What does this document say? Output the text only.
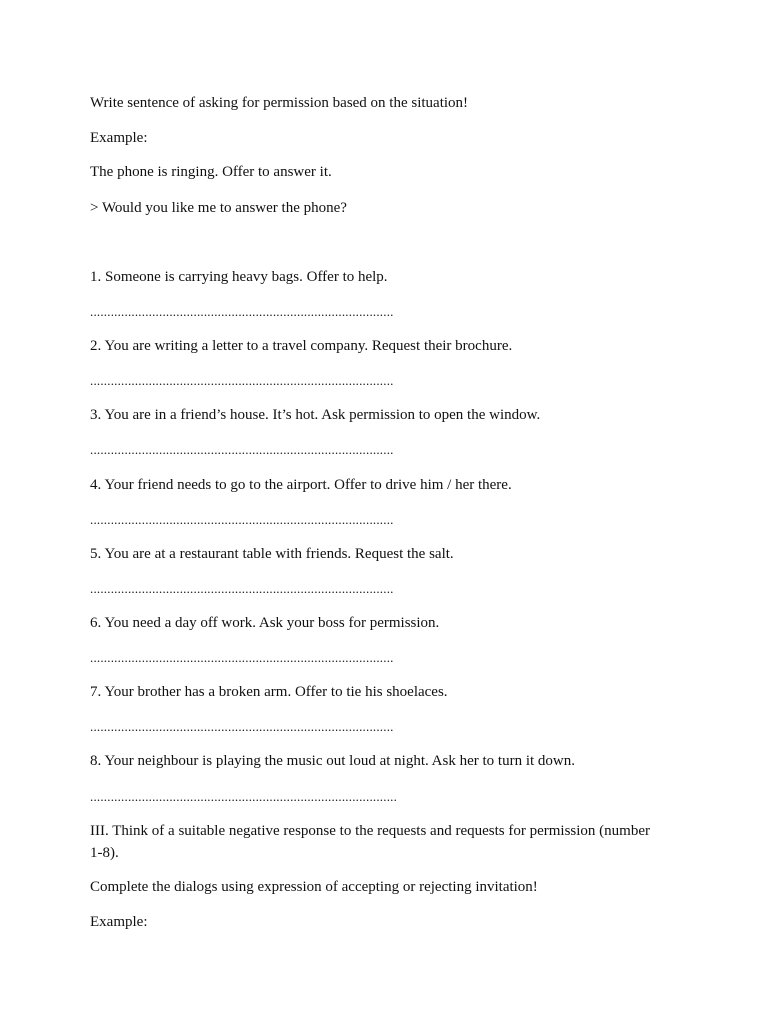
Write sentence of asking for permission based on the situation!

Example:

The phone is ringing. Offer to answer it.

> Would you like me to answer the phone?

1. Someone is carrying heavy bags. Offer to help.

........................................................................................

2. You are writing a letter to a travel company. Request their brochure.

........................................................................................

3. You are in a friend’s house. It’s hot. Ask permission to open the window.

........................................................................................

4. Your friend needs to go to the airport. Offer to drive him / her there.

........................................................................................

5. You are at a restaurant table with friends. Request the salt.

........................................................................................

6. You need a day off work. Ask your boss for permission.

........................................................................................

7. Your brother has a broken arm. Offer to tie his shoelaces.

........................................................................................

8. Your neighbour is playing the music out loud at night. Ask her to turn it down.

.........................................................................................

III. Think of a suitable negative response to the requests and requests for permission (number 1-8).

Complete the dialogs using expression of accepting or rejecting invitation!

Example:
